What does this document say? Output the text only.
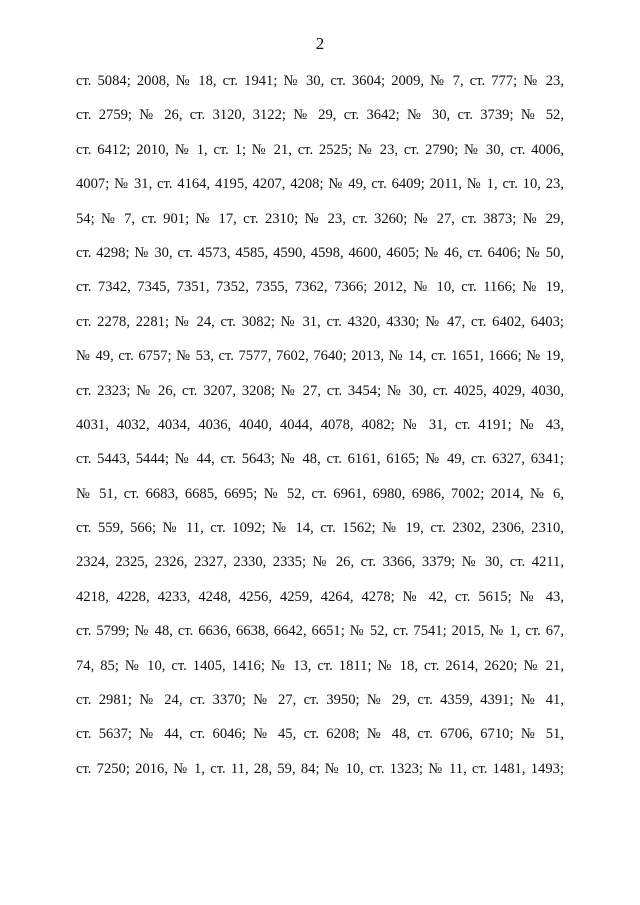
2
ст. 5084; 2008, № 18, ст. 1941; № 30, ст. 3604; 2009, № 7, ст. 777; № 23,
ст. 2759; № 26, ст. 3120, 3122; № 29, ст. 3642; № 30, ст. 3739; № 52,
ст. 6412; 2010, № 1, ст. 1; № 21, ст. 2525; № 23, ст. 2790; № 30, ст. 4006,
4007; № 31, ст. 4164, 4195, 4207, 4208; № 49, ст. 6409; 2011, № 1, ст. 10, 23,
54; № 7, ст. 901; № 17, ст. 2310; № 23, ст. 3260; № 27, ст. 3873; № 29,
ст. 4298; № 30, ст. 4573, 4585, 4590, 4598, 4600, 4605; № 46, ст. 6406; № 50,
ст. 7342, 7345, 7351, 7352, 7355, 7362, 7366; 2012, № 10, ст. 1166; № 19,
ст. 2278, 2281; № 24, ст. 3082; № 31, ст. 4320, 4330; № 47, ст. 6402, 6403;
№ 49, ст. 6757; № 53, ст. 7577, 7602, 7640; 2013, № 14, ст. 1651, 1666; № 19,
ст. 2323; № 26, ст. 3207, 3208; № 27, ст. 3454; № 30, ст. 4025, 4029, 4030,
4031, 4032, 4034, 4036, 4040, 4044, 4078, 4082; № 31, ст. 4191; № 43,
ст. 5443, 5444; № 44, ст. 5643; № 48, ст. 6161, 6165; № 49, ст. 6327, 6341;
№ 51, ст. 6683, 6685, 6695; № 52, ст. 6961, 6980, 6986, 7002; 2014, № 6,
ст. 559, 566; № 11, ст. 1092; № 14, ст. 1562; № 19, ст. 2302, 2306, 2310,
2324, 2325, 2326, 2327, 2330, 2335; № 26, ст. 3366, 3379; № 30, ст. 4211,
4218, 4228, 4233, 4248, 4256, 4259, 4264, 4278; № 42, ст. 5615; № 43,
ст. 5799; № 48, ст. 6636, 6638, 6642, 6651; № 52, ст. 7541; 2015, № 1, ст. 67,
74, 85; № 10, ст. 1405, 1416; № 13, ст. 1811; № 18, ст. 2614, 2620; № 21,
ст. 2981; № 24, ст. 3370; № 27, ст. 3950; № 29, ст. 4359, 4391; № 41,
ст. 5637; № 44, ст. 6046; № 45, ст. 6208; № 48, ст. 6706, 6710; № 51,
ст. 7250; 2016, № 1, ст. 11, 28, 59, 84; № 10, ст. 1323; № 11, ст. 1481, 1493;
